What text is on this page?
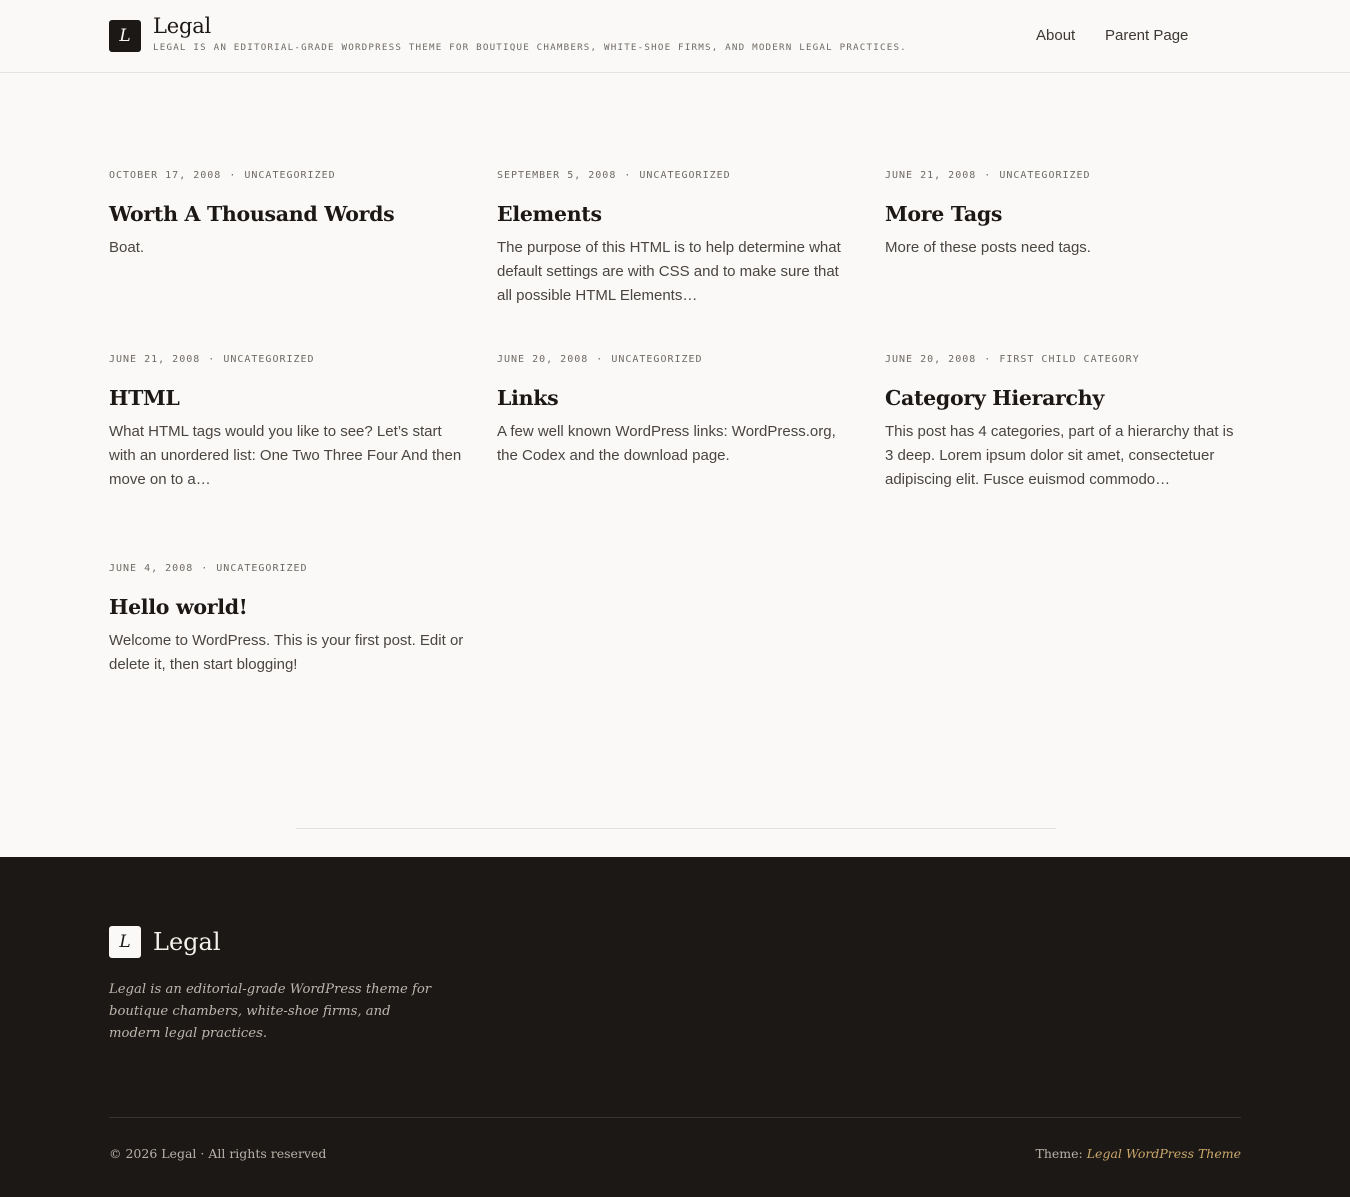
L Legal
LEGAL IS AN EDITORIAL-GRADE WORDPRESS THEME FOR BOUTIQUE CHAMBERS, WHITE-SHOE FIRMS, AND MODERN LEGAL PRACTICES.
About Parent Page
OCTOBER 17, 2008 · UNCATEGORIZED
Worth A Thousand Words

Boat.

SEPTEMBER 5, 2008 · UNCATEGORIZED
Elements

The purpose of this HTML is to help determine what default settings are with CSS and to make sure that all possible HTML Elements…

JUNE 21, 2008 · UNCATEGORIZED
More Tags

More of these posts need tags.

JUNE 21, 2008 · UNCATEGORIZED
HTML

What HTML tags would you like to see? Let’s start with an unordered list: One Two Three Four And then move on to a…

JUNE 20, 2008 · UNCATEGORIZED
Links

A few well known WordPress links: WordPress.org, the Codex and the download page.

JUNE 20, 2008 · FIRST CHILD CATEGORY
Category Hierarchy

This post has 4 categories, part of a hierarchy that is 3 deep. Lorem ipsum dolor sit amet, consectetuer adipiscing elit. Fusce euismod commodo…

JUNE 4, 2008 · UNCATEGORIZED
Hello world!

Welcome to WordPress. This is your first post. Edit or delete it, then start blogging!

L Legal

Legal is an editorial-grade WordPress theme for boutique chambers, white-shoe firms, and modern legal practices.

© 2026 Legal · All rights reserved	Theme: Legal WordPress Theme
